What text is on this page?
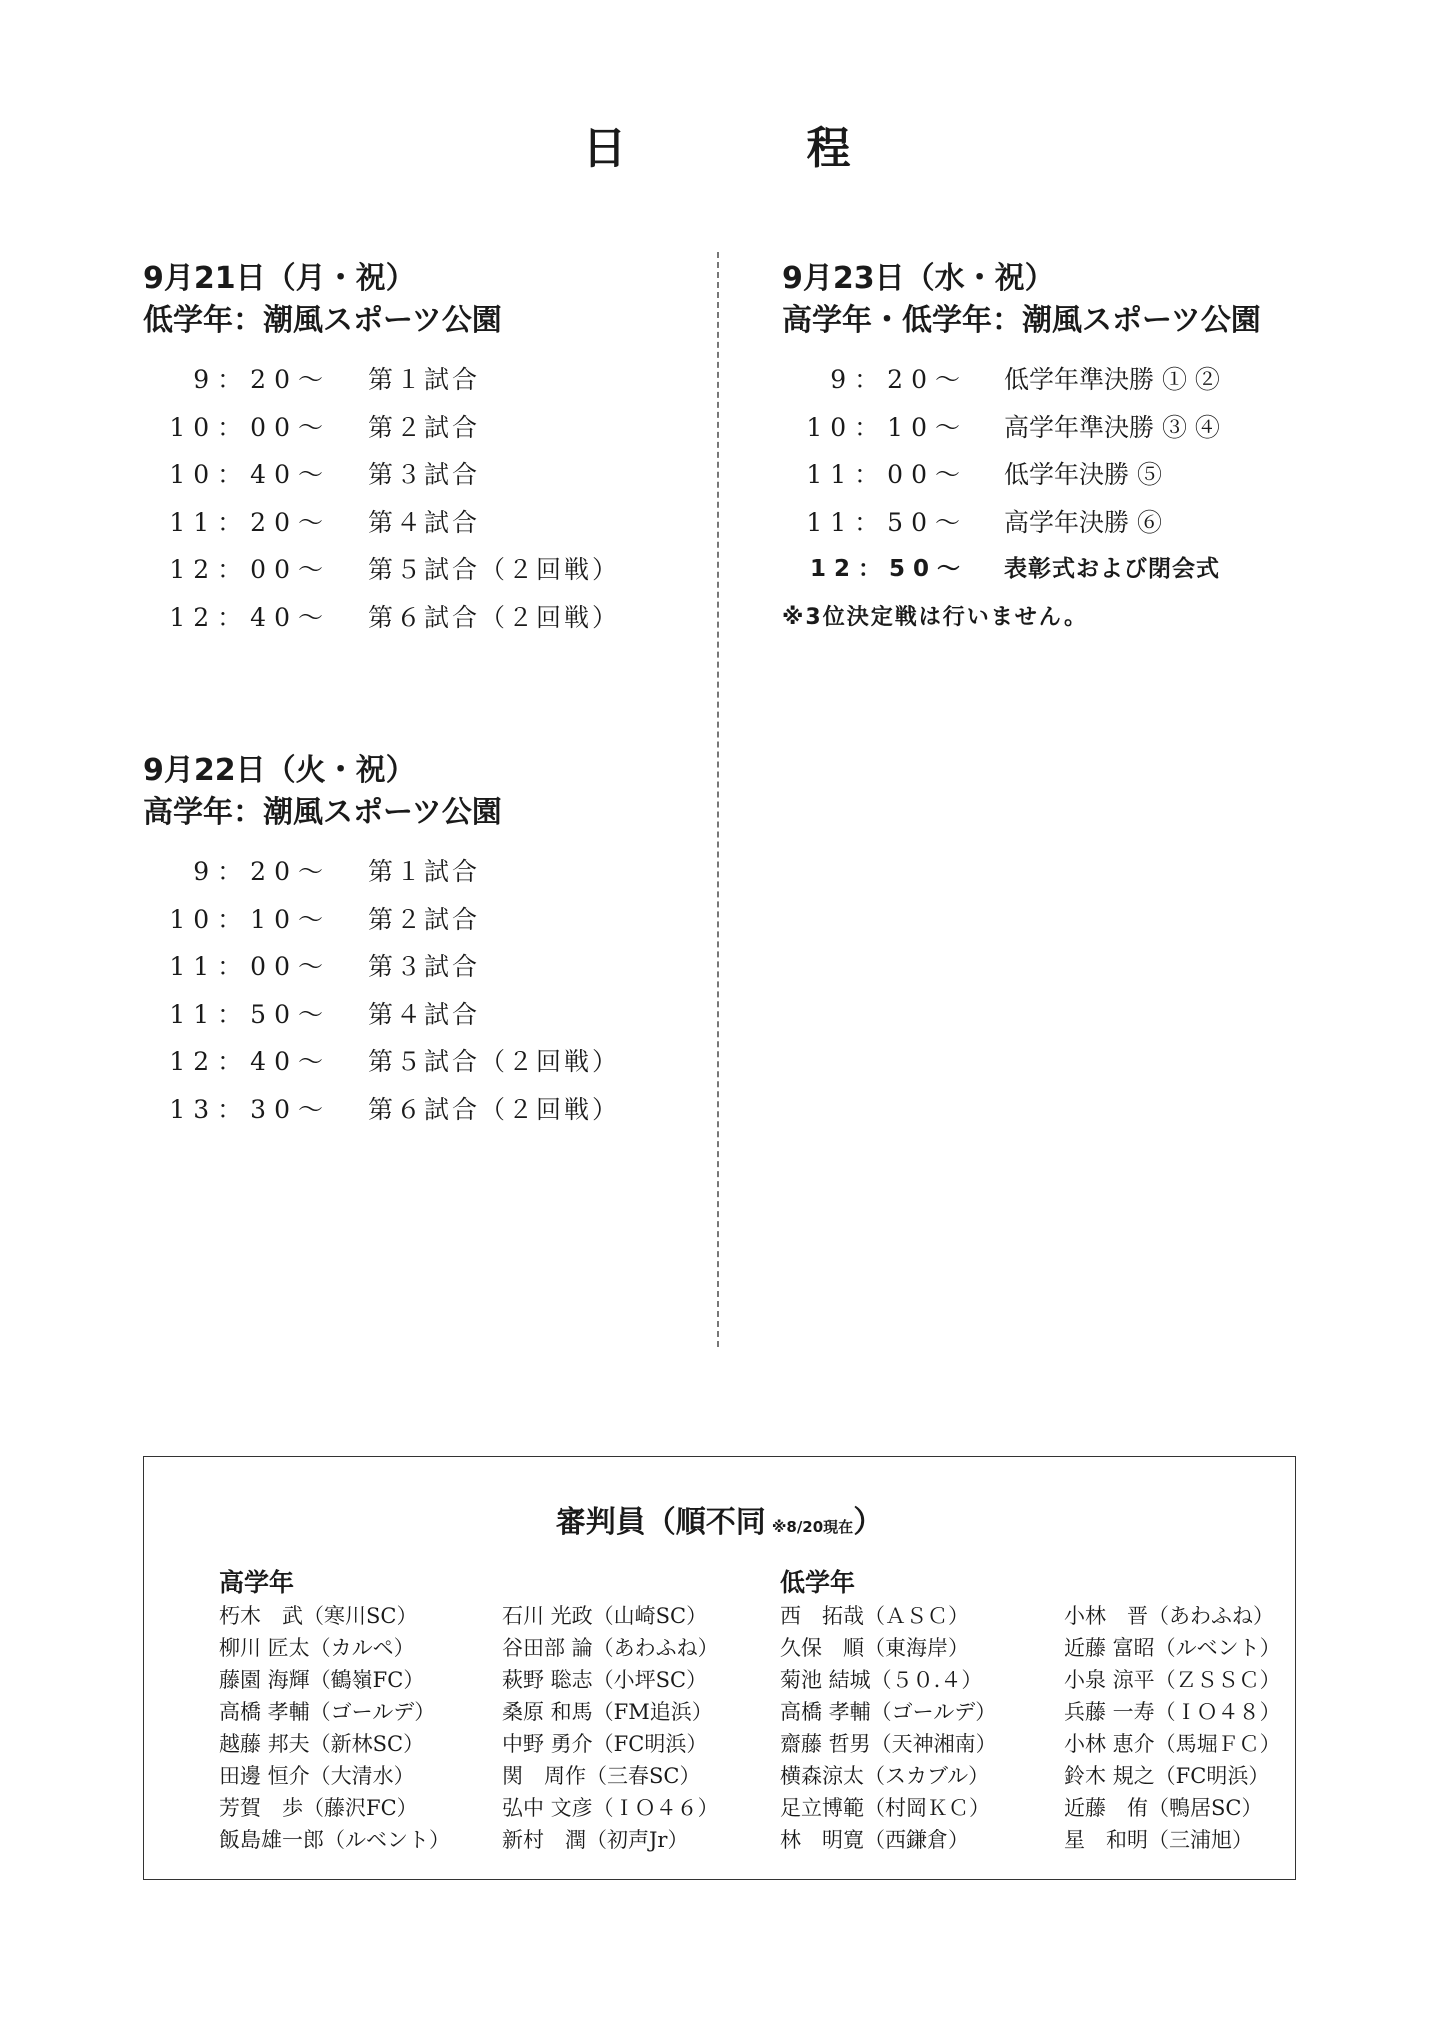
日	程
9月21日（月・祝）
低学年：潮風スポーツ公園
9：20～ 第１試合
10：00～ 第２試合
10：40～ 第３試合
11：20～ 第４試合
12：00～ 第５試合（２回戦）
12：40～ 第６試合（２回戦）
9月22日（火・祝）
高学年：潮風スポーツ公園
9：20～ 第１試合
10：10～ 第２試合
11：00～ 第３試合
11：50～ 第４試合
12：40～ 第５試合（２回戦）
13：30～ 第６試合（２回戦）
9月23日（水・祝）
高学年・低学年：潮風スポーツ公園
9：20～ 低学年準決勝 ① ②
10：10～ 高学年準決勝 ③ ④
11：00～ 低学年決勝 ⑤
11：50～ 高学年決勝 ⑥
12：50～ 表彰式および閉会式
※3位決定戦は行いません。
審判員（順不同 ※8/20現在）
高学年	低学年
朽木　武（寒川SC）
柳川 匠太（カルペ）
藤園 海輝（鶴嶺FC）
高橋 孝輔（ゴールデ）
越藤 邦夫（新林SC）
田邊 恒介（大清水）
芳賀　歩（藤沢FC）
飯島雄一郎（ルベント）
石川 光政（山崎SC）
谷田部 論（あわふね）
萩野 聡志（小坪SC）
桑原 和馬（FM追浜）
中野 勇介（FC明浜）
関　周作（三春SC）
弘中 文彦（ＩＯ４６）
新村　潤（初声Jr）
西　拓哉（ＡＳＣ）
久保　順（東海岸）
菊池 結城（５０.４）
高橋 孝輔（ゴールデ）
齋藤 哲男（天神湘南）
横森涼太（スカブル）
足立博範（村岡ＫＣ）
林　明寛（西鎌倉）
小林　晋（あわふね）
近藤 富昭（ルベント）
小泉 涼平（ＺＳＳＣ）
兵藤 一寿（ＩＯ４８）
小林 恵介（馬堀ＦＣ）
鈴木 規之（FC明浜）
近藤　侑（鴨居SC）
星　和明（三浦旭）
